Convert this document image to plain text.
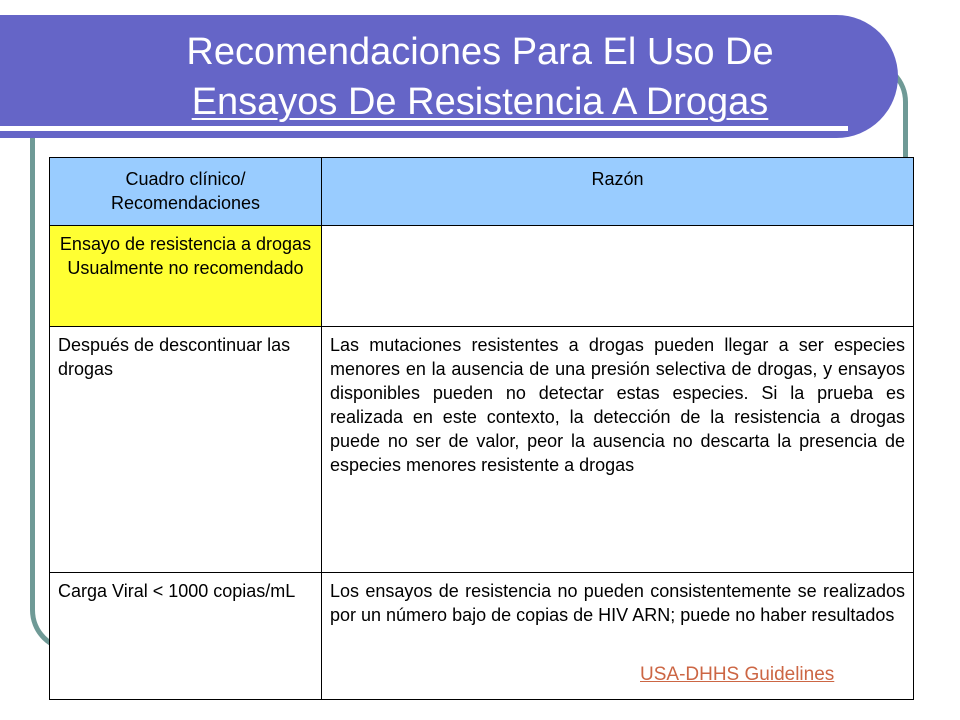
Recomendaciones Para El Uso De
Ensayos De Resistencia A Drogas
Cuadro clínico/ Recomendaciones	Razón
Ensayo de resistencia a drogas Usualmente no recomendado	
Después de descontinuar las drogas	Las mutaciones resistentes a drogas pueden llegar a ser especies menores en la ausencia de una presión selectiva de drogas, y ensayos disponibles pueden no detectar estas especies. Si la prueba es realizada en este contexto, la detección de la resistencia a drogas puede no ser de valor, peor la ausencia no descarta la presencia de especies menores resistente a drogas
Carga Viral < 1000 copias/mL	Los ensayos de resistencia no pueden consistentemente se realizados por un número bajo de copias de HIV ARN; puede no haber resultados
USA-DHHS Guidelines
